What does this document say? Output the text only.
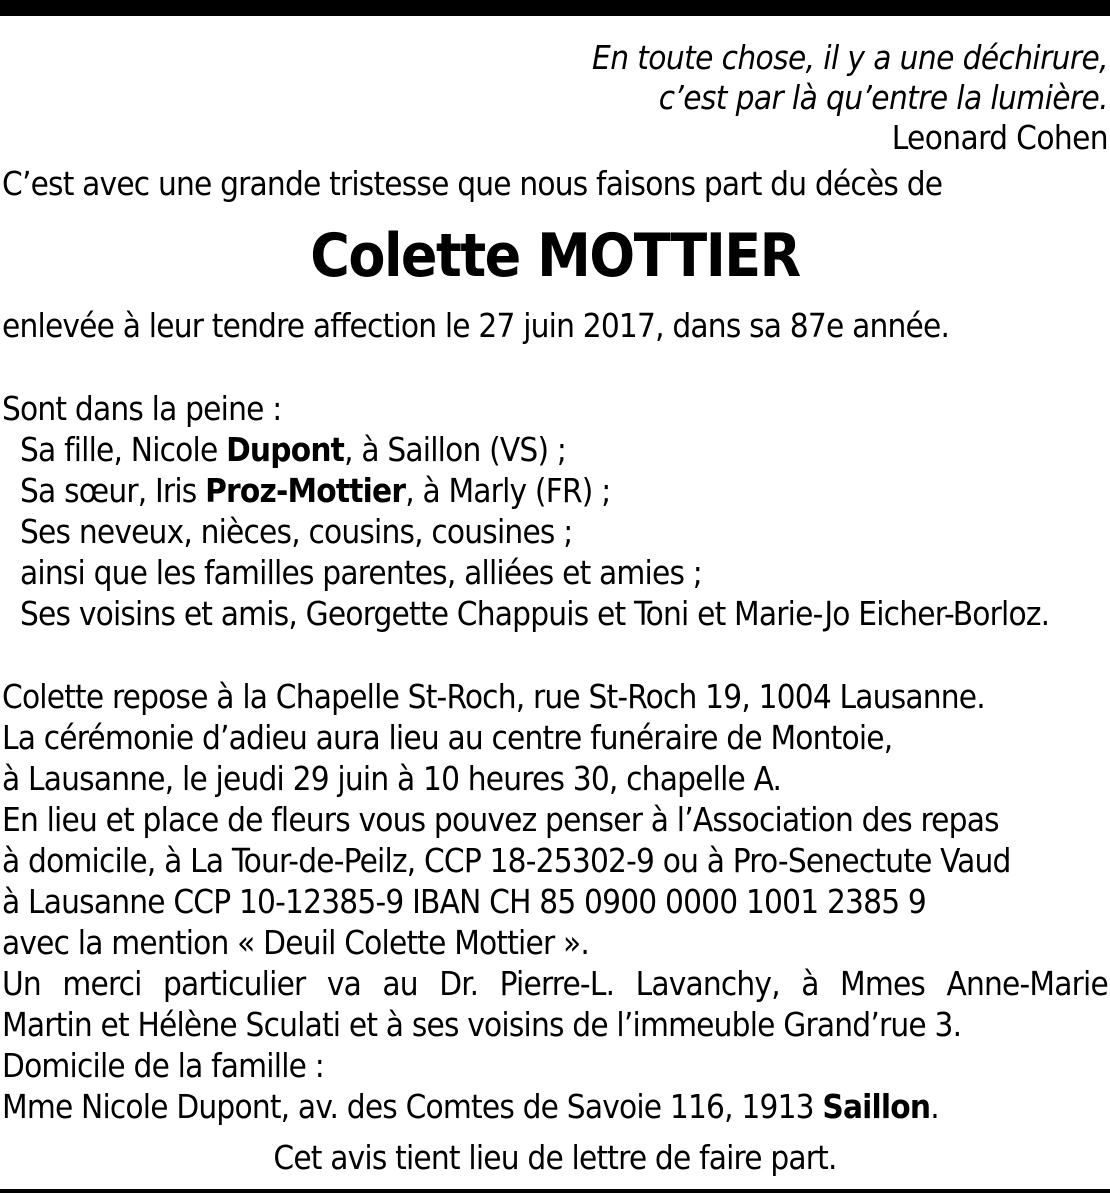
En toute chose, il y a une déchirure,
c’est par là qu’entre la lumière.
Leonard Cohen
C’est avec une grande tristesse que nous faisons part du décès de
Colette MOTTIER
enlevée à leur tendre affection le 27 juin 2017, dans sa 87e année.
Sont dans la peine :
Sa fille, Nicole Dupont, à Saillon (VS) ;
Sa sœur, Iris Proz-Mottier, à Marly (FR) ;
Ses neveux, nièces, cousins, cousines ;
ainsi que les familles parentes, alliées et amies ;
Ses voisins et amis, Georgette Chappuis et Toni et Marie-Jo Eicher-Borloz.
Colette repose à la Chapelle St-Roch, rue St-Roch 19, 1004 Lausanne.
La cérémonie d’adieu aura lieu au centre funéraire de Montoie,
à Lausanne, le jeudi 29 juin à 10 heures 30, chapelle A.
En lieu et place de fleurs vous pouvez penser à l’Association des repas
à domicile, à La Tour-de-Peilz, CCP 18-25302-9 ou à Pro-Senectute Vaud
à Lausanne CCP 10-12385-9 IBAN CH 85 0900 0000 1001 2385 9
avec la mention « Deuil Colette Mottier ».
Un merci particulier va au Dr. Pierre-L. Lavanchy, à Mmes Anne-Marie
Martin et Hélène Sculati et à ses voisins de l’immeuble Grand’rue 3.
Domicile de la famille :
Mme Nicole Dupont, av. des Comtes de Savoie 116, 1913 Saillon.
Cet avis tient lieu de lettre de faire part.
